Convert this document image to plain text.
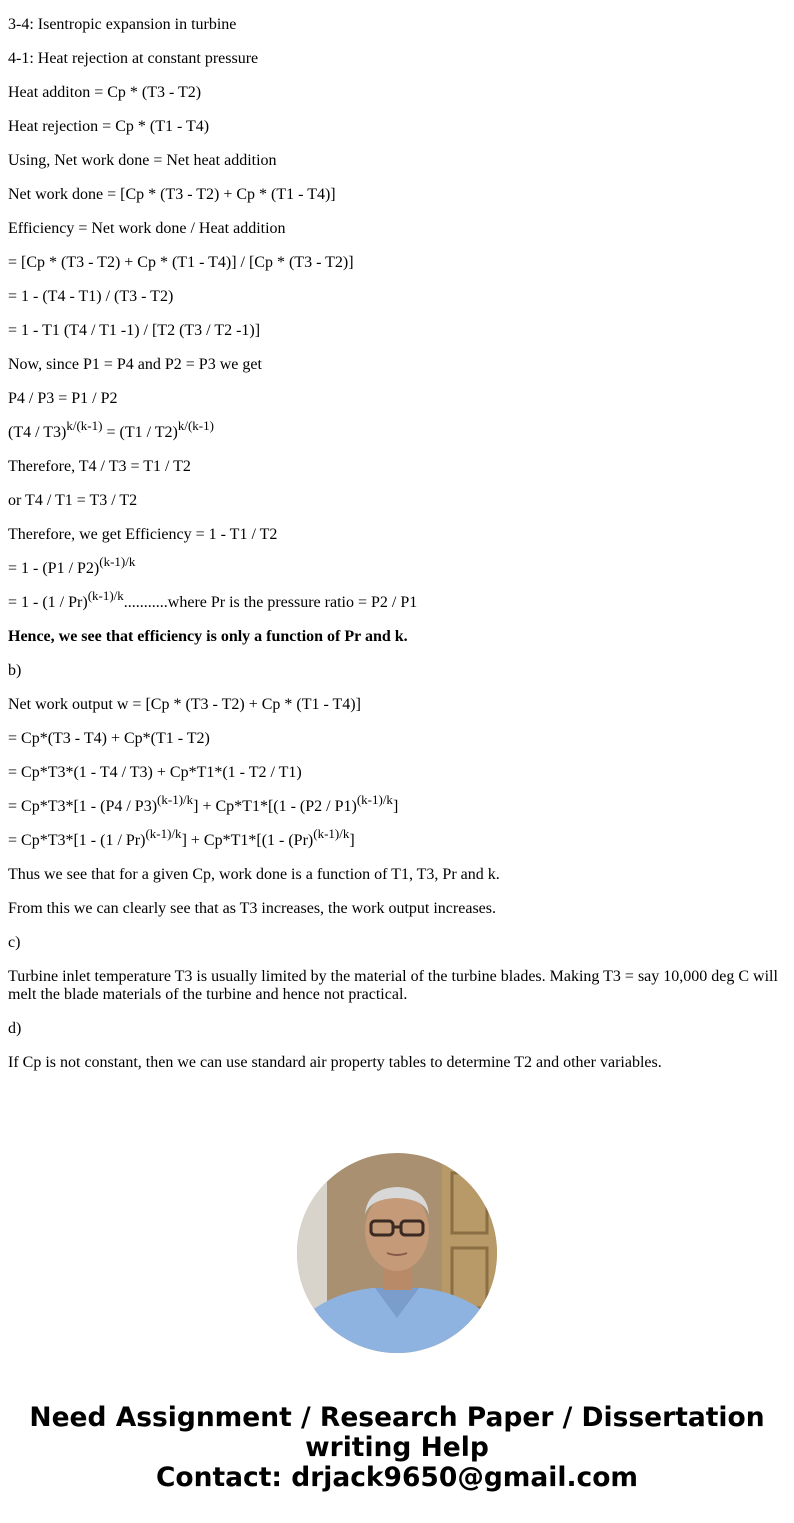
3-4: Isentropic expansion in turbine

4-1: Heat rejection at constant pressure

Heat additon = Cp * (T3 - T2)

Heat rejection = Cp * (T1 - T4)

Using, Net work done = Net heat addition

Net work done = [Cp * (T3 - T2) + Cp * (T1 - T4)]

Efficiency = Net work done / Heat addition

= [Cp * (T3 - T2) + Cp * (T1 - T4)] / [Cp * (T3 - T2)]

= 1 - (T4 - T1) / (T3 - T2)

= 1 - T1 (T4 / T1 -1) / [T2 (T3 / T2 -1)]

Now, since P1 = P4 and P2 = P3 we get

P4 / P3 = P1 / P2

(T4 / T3)$^{k/(k-1)}$ = (T1 / T2)$^{k/(k-1)}$

Therefore, T4 / T3 = T1 / T2

or T4 / T1 = T3 / T2

Therefore, we get Efficiency = 1 - T1 / T2

= 1 - (P1 / P2)$^{(k-1)/k}$

= 1 - (1 / Pr)$^{(k-1)/k}$...........where Pr is the pressure ratio = P2 / P1

Hence, we see that efficiency is only a function of Pr and k.

b)

Net work output w = [Cp * (T3 - T2) + Cp * (T1 - T4)]

= Cp*(T3 - T4) + Cp*(T1 - T2)

= Cp*T3*(1 - T4 / T3) + Cp*T1*(1 - T2 / T1)

= Cp*T3*[1 - (P4 / P3)$^{(k-1)/k}$] + Cp*T1*[(1 - (P2 / P1)$^{(k-1)/k}$]

= $Cp*T3*[1 - (1 / Pr)^{(k-1)/k}] + Cp*T1*[(1 - (Pr)^{(k-1)/k}]$

Thus we see that for a given Cp, work done is a function of T1, T3, Pr and k.

From this we can clearly see that as T3 increases, the work output increases.

c)

Turbine inlet temperature T3 is usually limited by the material of the turbine blades. Making T3 = say 10,000 deg C will melt the blade materials of the turbine and hence not practical.

d)

If Cp is not constant, then we can use standard air property tables to determine T2 and other variables.

Need Assignment / Research Paper / Dissertation
writing Help
Contact: drjack9650@gmail.com
